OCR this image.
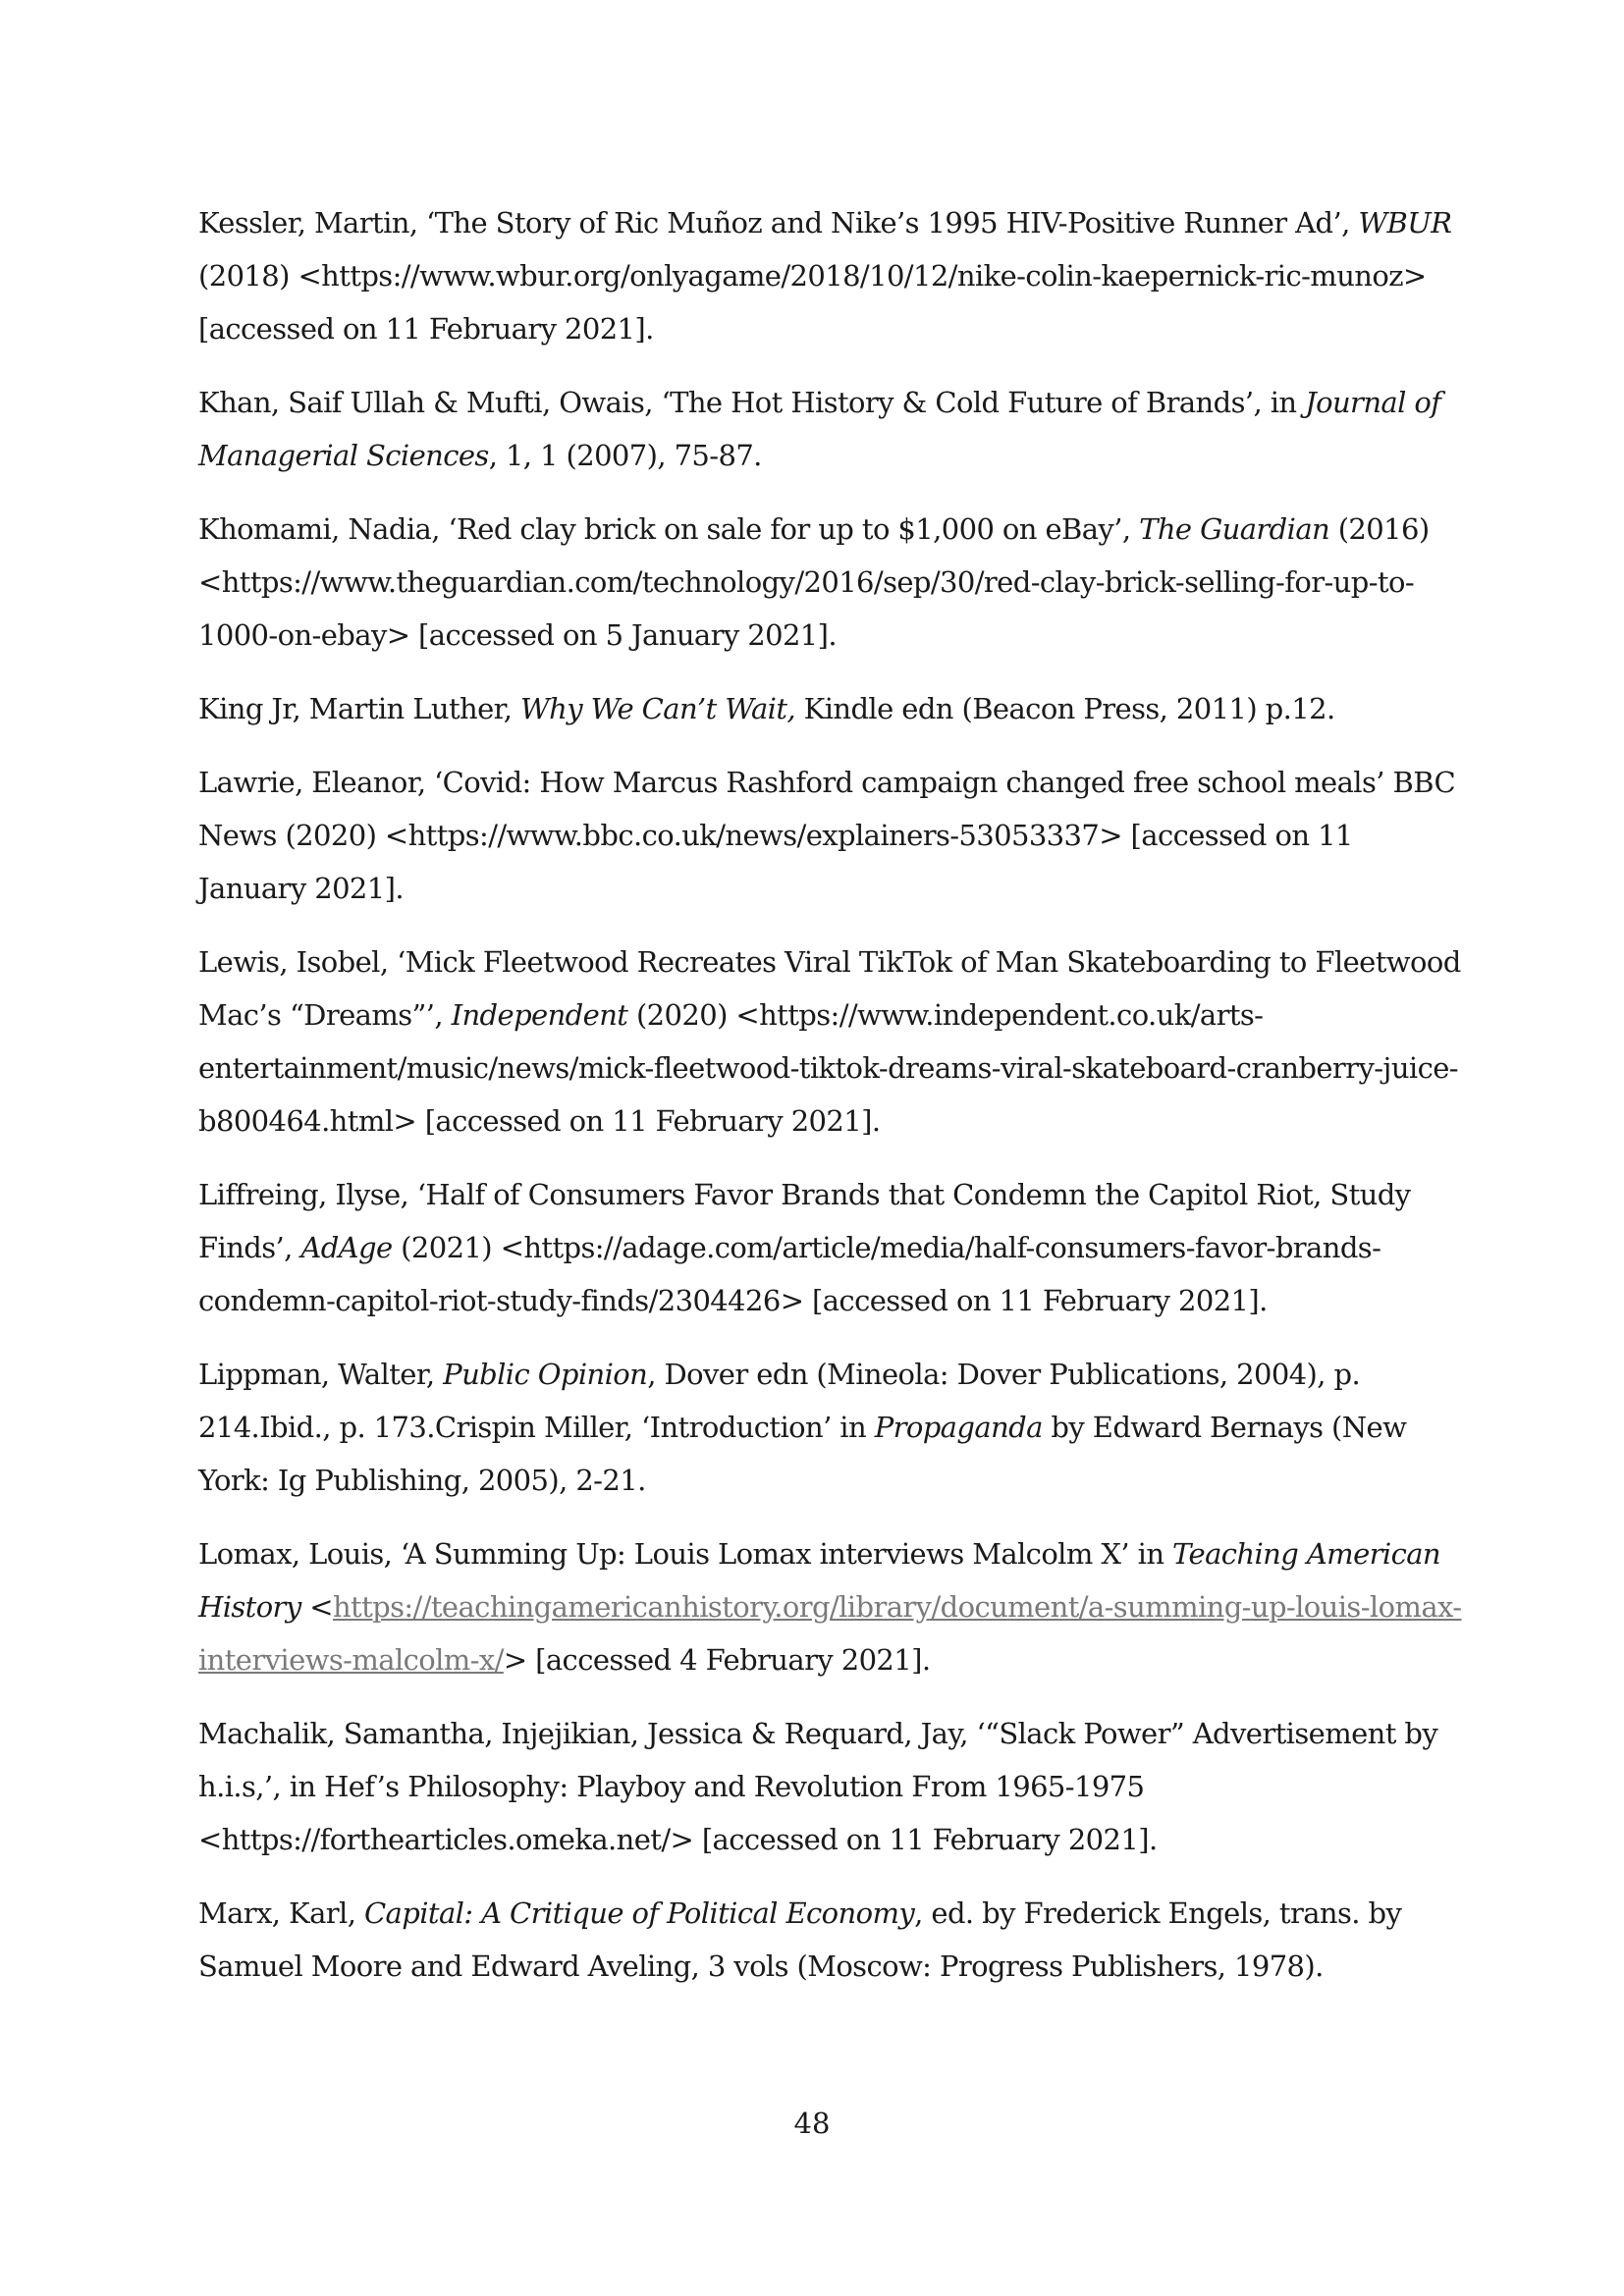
Kessler, Martin, ‘The Story of Ric Muñoz and Nike’s 1995 HIV-Positive Runner Ad’, WBUR (2018) <https://www.wbur.org/onlyagame/2018/10/12/nike-colin-kaepernick-ric-munoz> [accessed on 11 February 2021].

Khan, Saif Ullah & Mufti, Owais, ‘The Hot History & Cold Future of Brands’, in Journal of Managerial Sciences, 1, 1 (2007), 75-87.

Khomami, Nadia, ‘Red clay brick on sale for up to $1,000 on eBay’, The Guardian (2016) <https://www.theguardian.com/technology/2016/sep/30/red-clay-brick-selling-for-up-to-1000-on-ebay> [accessed on 5 January 2021].

King Jr, Martin Luther, Why We Can’t Wait, Kindle edn (Beacon Press, 2011) p.12.

Lawrie, Eleanor, ‘Covid: How Marcus Rashford campaign changed free school meals’ BBC News (2020) <https://www.bbc.co.uk/news/explainers-53053337> [accessed on 11 January 2021].

Lewis, Isobel, ‘Mick Fleetwood Recreates Viral TikTok of Man Skateboarding to Fleetwood Mac’s “Dreams”’, Independent (2020) <https://www.independent.co.uk/arts-entertainment/music/news/mick-fleetwood-tiktok-dreams-viral-skateboard-cranberry-juice-b800464.html> [accessed on 11 February 2021].

Liffreing, Ilyse, ‘Half of Consumers Favor Brands that Condemn the Capitol Riot, Study Finds’, AdAge (2021) <https://adage.com/article/media/half-consumers-favor-brands-condemn-capitol-riot-study-finds/2304426> [accessed on 11 February 2021].

Lippman, Walter, Public Opinion, Dover edn (Mineola: Dover Publications, 2004), p. 214.Ibid., p. 173.Crispin Miller, ‘Introduction’ in Propaganda by Edward Bernays (New York: Ig Publishing, 2005), 2-21.

Lomax, Louis, ‘A Summing Up: Louis Lomax interviews Malcolm X’ in Teaching American History <https://teachingamericanhistory.org/library/document/a-summing-up-louis-lomax-interviews-malcolm-x/> [accessed 4 February 2021].

Machalik, Samantha, Injejikian, Jessica & Requard, Jay, ‘“Slack Power” Advertisement by h.i.s,’, in Hef’s Philosophy: Playboy and Revolution From 1965-1975 <https://forthearticles.omeka.net/> [accessed on 11 February 2021].

Marx, Karl, Capital: A Critique of Political Economy, ed. by Frederick Engels, trans. by Samuel Moore and Edward Aveling, 3 vols (Moscow: Progress Publishers, 1978).

48
